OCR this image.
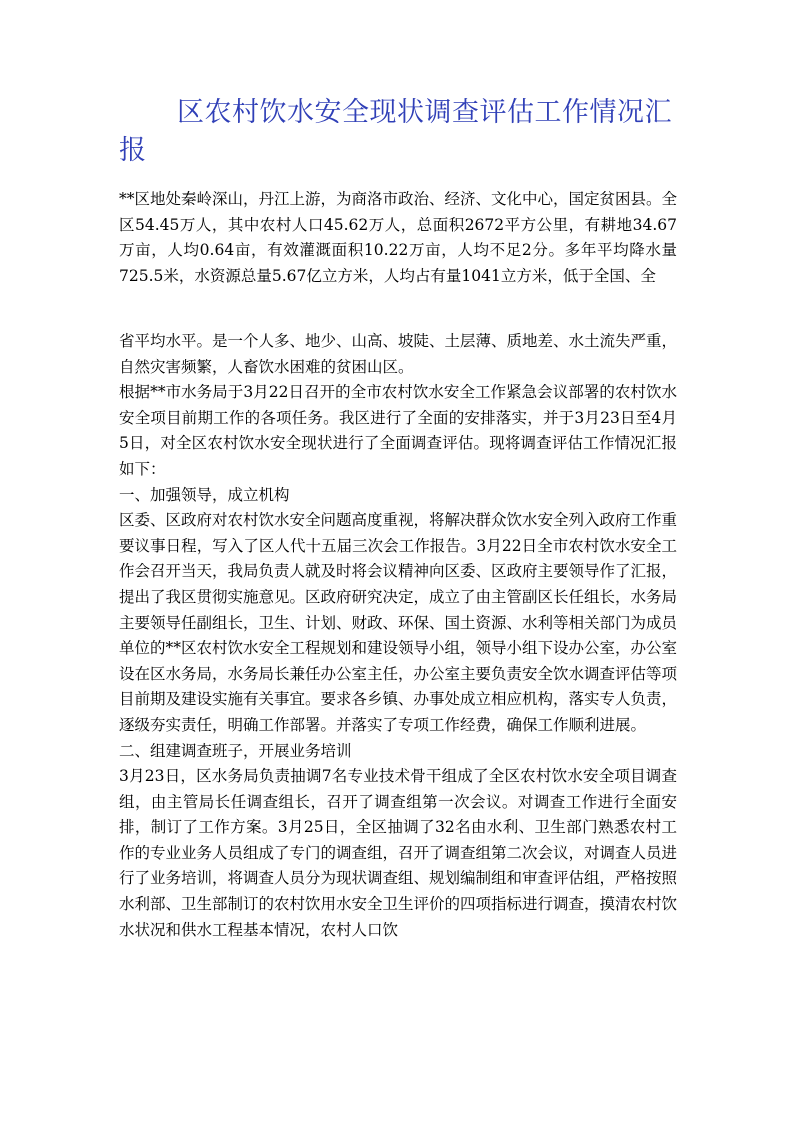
区农村饮水安全现状调查评估工作情况汇报

**区地处秦岭深山，丹江上游，为商洛市政治、经济、文化中心，国定贫困县。全区54.45万人，其中农村人口45.62万人，总面积2672平方公里，有耕地34.67万亩，人均0.64亩，有效灌溉面积10.22万亩，人均不足2分。多年平均降水量725.5米，水资源总量5.67亿立方米，人均占有量1041立方米，低于全国、全

省平均水平。是一个人多、地少、山高、坡陡、土层薄、质地差、水土流失严重，自然灾害频繁，人畜饮水困难的贫困山区。

根据**市水务局于3月22日召开的全市农村饮水安全工作紧急会议部署的农村饮水安全项目前期工作的各项任务。我区进行了全面的安排落实，并于3月23日至4月5日，对全区农村饮水安全现状进行了全面调查评估。现将调查评估工作情况汇报如下：

一、加强领导，成立机构

区委、区政府对农村饮水安全问题高度重视，将解决群众饮水安全列入政府工作重要议事日程，写入了区人代十五届三次会工作报告。3月22日全市农村饮水安全工作会召开当天，我局负责人就及时将会议精神向区委、区政府主要领导作了汇报，提出了我区贯彻实施意见。区政府研究决定，成立了由主管副区长任组长，水务局主要领导任副组长，卫生、计划、财政、环保、国土资源、水利等相关部门为成员单位的**区农村饮水安全工程规划和建设领导小组，领导小组下设办公室，办公室设在区水务局，水务局长兼任办公室主任，办公室主要负责安全饮水调查评估等项目前期及建设实施有关事宜。要求各乡镇、办事处成立相应机构，落实专人负责，逐级夯实责任，明确工作部署。并落实了专项工作经费，确保工作顺利进展。

二、组建调查班子，开展业务培训

3月23日，区水务局负责抽调7名专业技术骨干组成了全区农村饮水安全项目调查组，由主管局长任调查组长，召开了调查组第一次会议。对调查工作进行全面安排，制订了工作方案。3月25日，全区抽调了32名由水利、卫生部门熟悉农村工作的专业业务人员组成了专门的调查组，召开了调查组第二次会议，对调查人员进行了业务培训，将调查人员分为现状调查组、规划编制组和审查评估组，严格按照水利部、卫生部制订的农村饮用水安全卫生评价的四项指标进行调查，摸清农村饮水状况和供水工程基本情况，农村人口饮
